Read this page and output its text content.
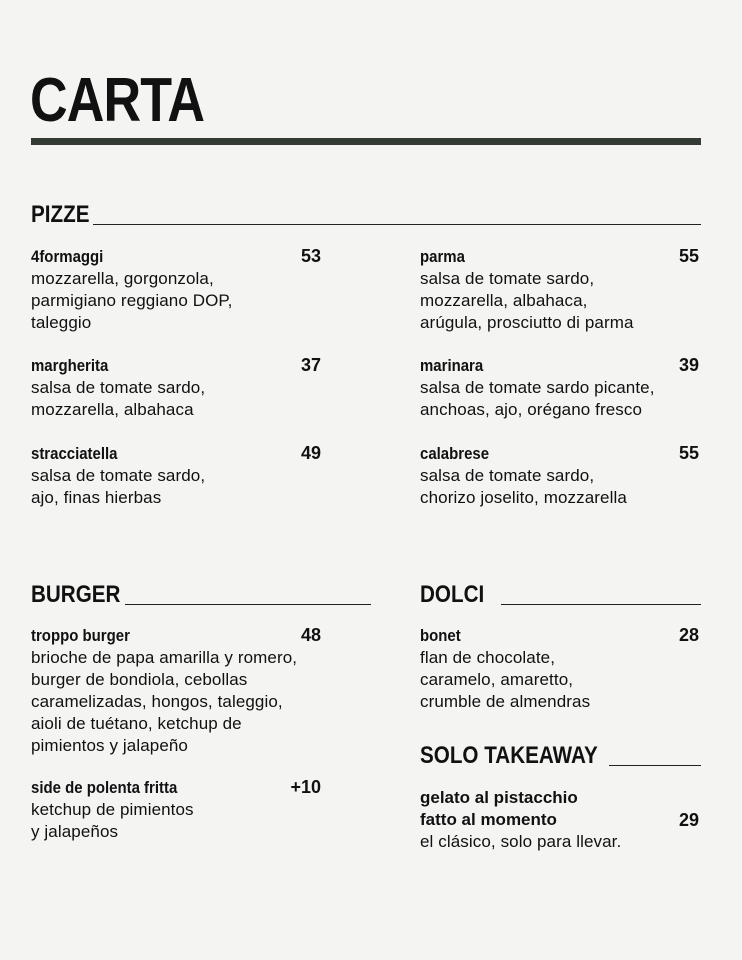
CARTA
PIZZE
4formaggi	53
mozzarella, gorgonzola,
parmigiano reggiano DOP,
taleggio
margherita	37
salsa de tomate sardo,
mozzarella, albahaca
stracciatella	49
salsa de tomate sardo,
ajo, finas hierbas
parma	55
salsa de tomate sardo,
mozzarella, albahaca,
arúgula, prosciutto di parma
marinara	39
salsa de tomate sardo picante,
anchoas, ajo, orégano fresco
calabrese	55
salsa de tomate sardo,
chorizo joselito, mozzarella
BURGER
troppo burger	48
brioche de papa amarilla y romero,
burger de bondiola, cebollas
caramelizadas, hongos, taleggio,
aioli de tuétano, ketchup de
pimientos y jalapeño
side de polenta fritta	+10
ketchup de pimientos
y jalapeños
DOLCI
bonet	28
flan de chocolate,
caramelo, amaretto,
crumble de almendras
SOLO TAKEAWAY
gelato al pistacchio
fatto al momento	29
el clásico, solo para llevar.
